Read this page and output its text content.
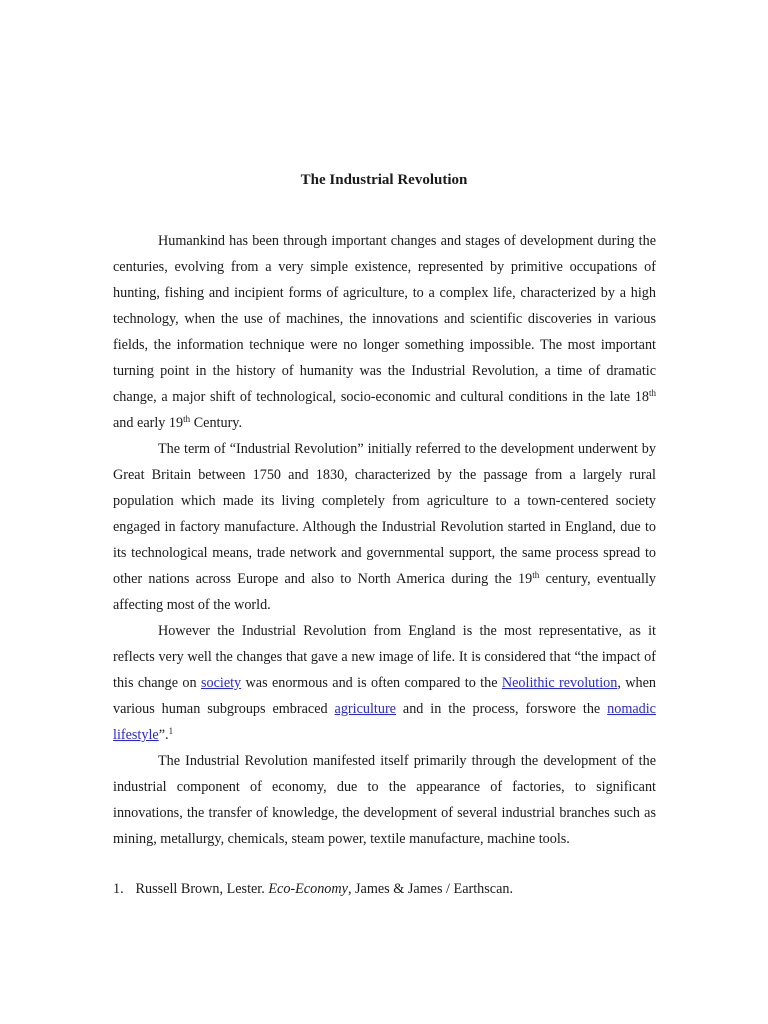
The Industrial Revolution

Humankind has been through important changes and stages of development during the centuries, evolving from a very simple existence, represented by primitive occupations of hunting, fishing and incipient forms of agriculture, to a complex life, characterized by a high technology, when the use of machines, the innovations and scientific discoveries in various fields, the information technique were no longer something impossible. The most important turning point in the history of humanity was the Industrial Revolution, a time of dramatic change, a major shift of technological, socio-economic and cultural conditions in the late 18th and early 19th Century.

The term of “Industrial Revolution” initially referred to the development underwent by Great Britain between 1750 and 1830, characterized by the passage from a largely rural population which made its living completely from agriculture to a town-centered society engaged in factory manufacture. Although the Industrial Revolution started in England, due to its technological means, trade network and governmental support, the same process spread to other nations across Europe and also to North America during the 19th century, eventually affecting most of the world.

However the Industrial Revolution from England is the most representative, as it reflects very well the changes that gave a new image of life. It is considered that “the impact of this change on society was enormous and is often compared to the Neolithic revolution, when various human subgroups embraced agriculture and in the process, forswore the nomadic lifestyle”.$^1$

The Industrial Revolution manifested itself primarily through the development of the industrial component of economy, due to the appearance of factories, to significant innovations, the transfer of knowledge, the development of several industrial branches such as mining, metallurgy, chemicals, steam power, textile manufacture, machine tools.

1. Russell Brown, Lester. Eco-Economy, James & James / Earthscan.
